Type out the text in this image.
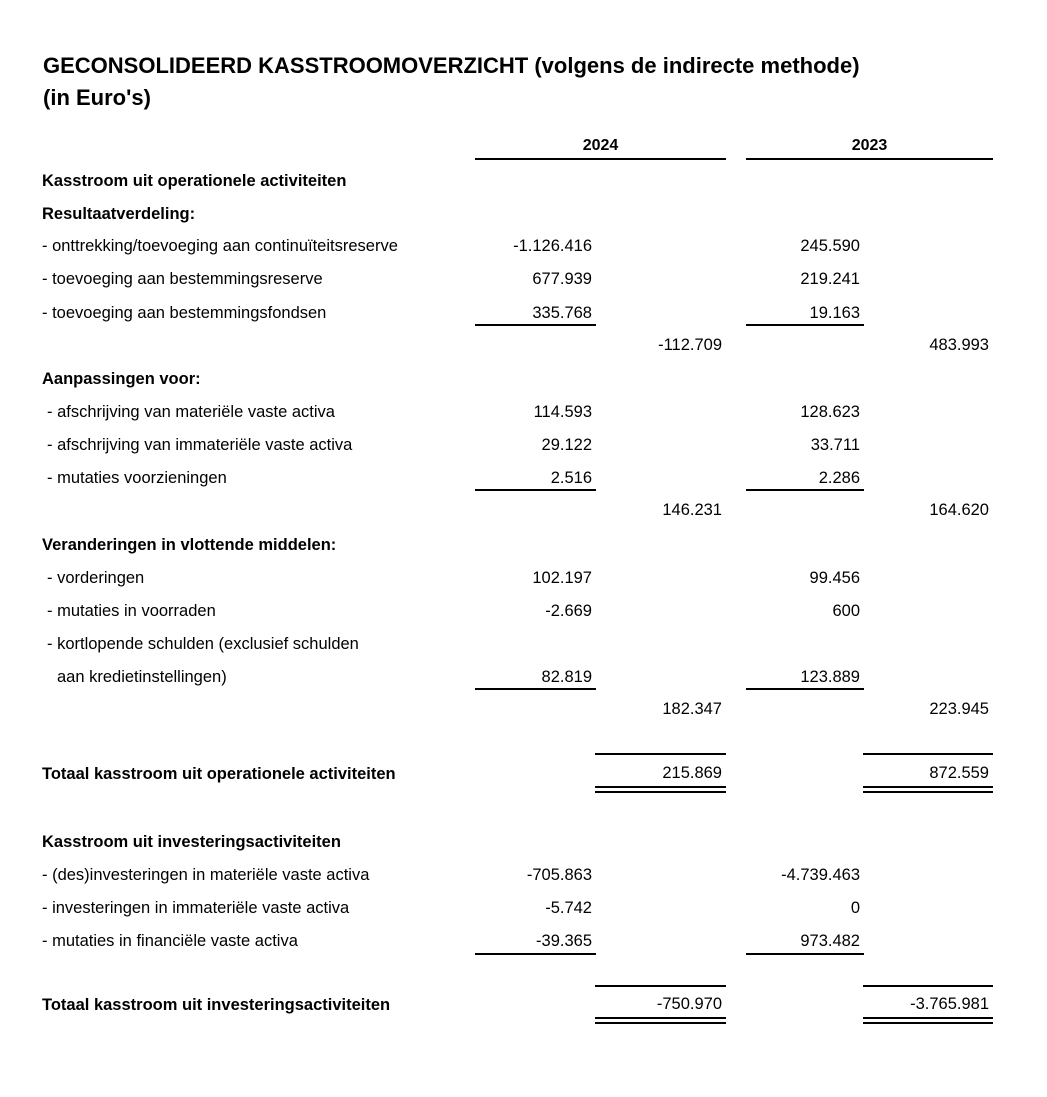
GECONSOLIDEERD KASSTROOMOVERZICHT (volgens de indirecte methode)
(in Euro's)
2024	2023
Kasstroom uit operationele activiteiten
Resultaatverdeling:
- onttrekking/toevoeging aan continuïteitsreserve	-1.126.416	245.590
- toevoeging aan bestemmingsreserve	677.939	219.241
- toevoeging aan bestemmingsfondsen	335.768	19.163
-112.709	483.993
Aanpassingen voor:
- afschrijving van materiële vaste activa	114.593	128.623
- afschrijving van immateriële vaste activa	29.122	33.711
- mutaties voorzieningen	2.516	2.286
146.231	164.620
Veranderingen in vlottende middelen:
- vorderingen	102.197	99.456
- mutaties in voorraden	-2.669	600
- kortlopende schulden (exclusief schulden
aan kredietinstellingen)	82.819	123.889
182.347	223.945
Totaal kasstroom uit operationele activiteiten	215.869	872.559
Kasstroom uit investeringsactiviteiten
- (des)investeringen in materiële vaste activa	-705.863	-4.739.463
- investeringen in immateriële vaste activa	-5.742	0
- mutaties in financiële vaste activa	-39.365	973.482
Totaal kasstroom uit investeringsactiviteiten	-750.970	-3.765.981
